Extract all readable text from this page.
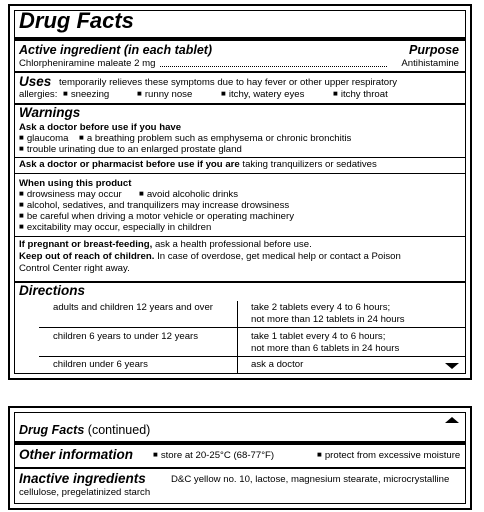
Drug Facts
Active ingredient (in each tablet)	Purpose
Chlorpheniramine maleate 2 mg	Antihistamine
Uses temporarily relieves these symptoms due to hay fever or other upper respiratory
allergies:	■ sneezing	■ runny nose	■ itchy, watery eyes	■ itchy throat
Warnings
Ask a doctor before use if you have
■ glaucoma	■ a breathing problem such as emphysema or chronic bronchitis
■ trouble urinating due to an enlarged prostate gland
Ask a doctor or pharmacist before use if you are taking tranquilizers or sedatives
When using this product
■ drowsiness may occur	■ avoid alcoholic drinks
■ alcohol, sedatives, and tranquilizers may increase drowsiness
■ be careful when driving a motor vehicle or operating machinery
■ excitability may occur, especially in children
If pregnant or breast-feeding, ask a health professional before use.
Keep out of reach of children. In case of overdose, get medical help or contact a Poison
Control Center right away.
Directions
adults and children 12 years and over	take 2 tablets every 4 to 6 hours;
not more than 12 tablets in 24 hours
children 6 years to under 12 years	take 1 tablet every 4 to 6 hours;
not more than 6 tablets in 24 hours
children under 6 years	ask a doctor
Drug Facts (continued)
Other information	■ store at 20-25°C (68-77°F)	■ protect from excessive moisture
Inactive ingredients	D&C yellow no. 10, lactose, magnesium stearate, microcrystalline
cellulose, pregelatinized starch
